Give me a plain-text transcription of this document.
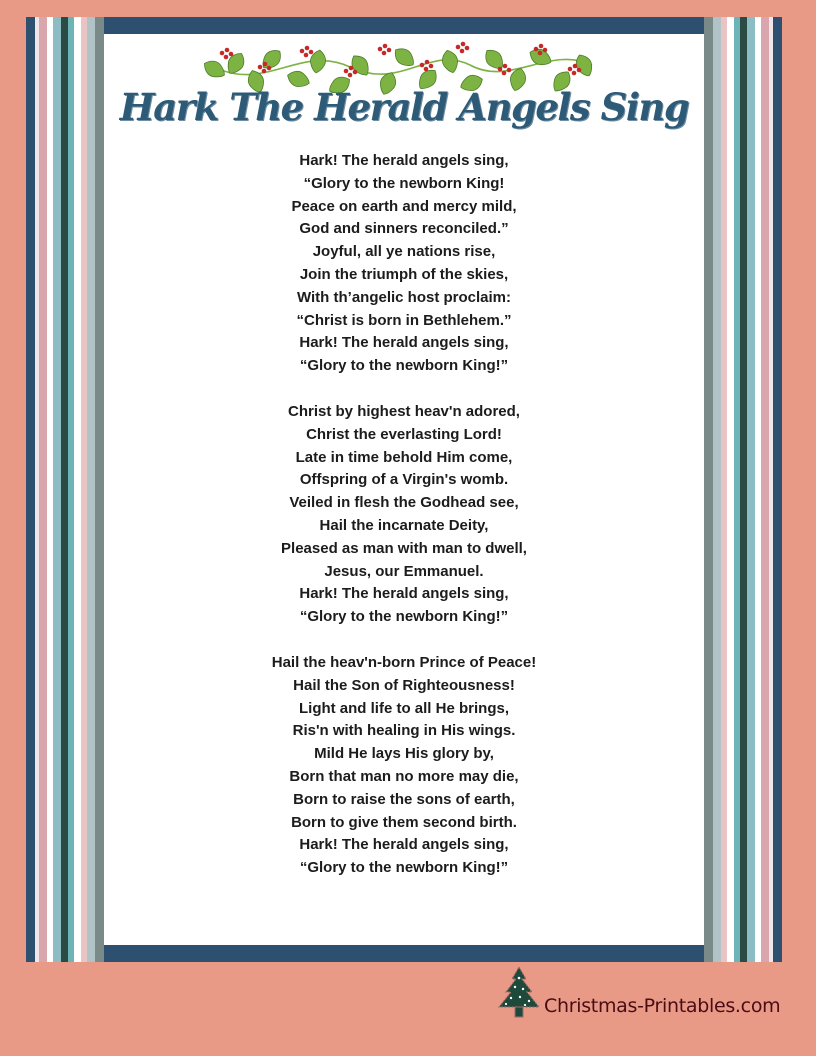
Hark The Herald Angels Sing
Hark! The herald angels sing,
“Glory to the newborn King!
Peace on earth and mercy mild,
God and sinners reconciled.”
Joyful, all ye nations rise,
Join the triumph of the skies,
With th’angelic host proclaim:
“Christ is born in Bethlehem.”
Hark! The herald angels sing,
“Glory to the newborn King!”
Christ by highest heav'n adored,
Christ the everlasting Lord!
Late in time behold Him come,
Offspring of a Virgin's womb.
Veiled in flesh the Godhead see,
Hail the incarnate Deity,
Pleased as man with man to dwell,
Jesus, our Emmanuel.
Hark! The herald angels sing,
“Glory to the newborn King!”
Hail the heav'n-born Prince of Peace!
Hail the Son of Righteousness!
Light and life to all He brings,
Ris'n with healing in His wings.
Mild He lays His glory by,
Born that man no more may die,
Born to raise the sons of earth,
Born to give them second birth.
Hark! The herald angels sing,
“Glory to the newborn King!”
Christmas-Printables.com
